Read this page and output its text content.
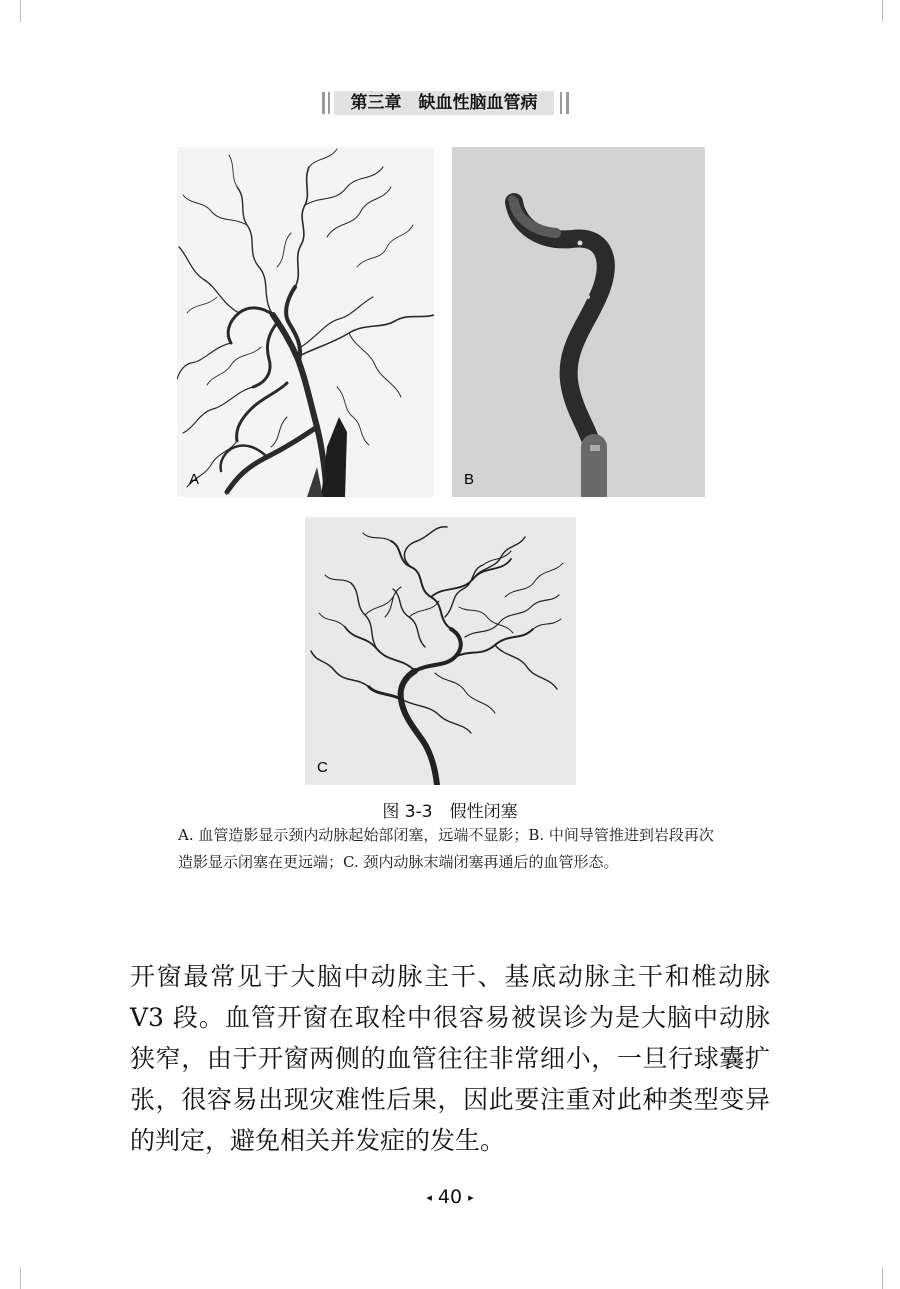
第三章　缺血性脑血管病
A	B
C
图 3-3　假性闭塞
A. 血管造影显示颈内动脉起始部闭塞，远端不显影；B. 中间导管推进到岩段再次造影显示闭塞在更远端；C. 颈内动脉末端闭塞再通后的血管形态。
开窗最常见于大脑中动脉主干、基底动脉主干和椎动脉 V3 段。血管开窗在取栓中很容易被误诊为是大脑中动脉狭窄，由于开窗两侧的血管往往非常细小，一旦行球囊扩张，很容易出现灾难性后果，因此要注重对此种类型变异的判定，避免相关并发症的发生。
◂ 40 ▸
